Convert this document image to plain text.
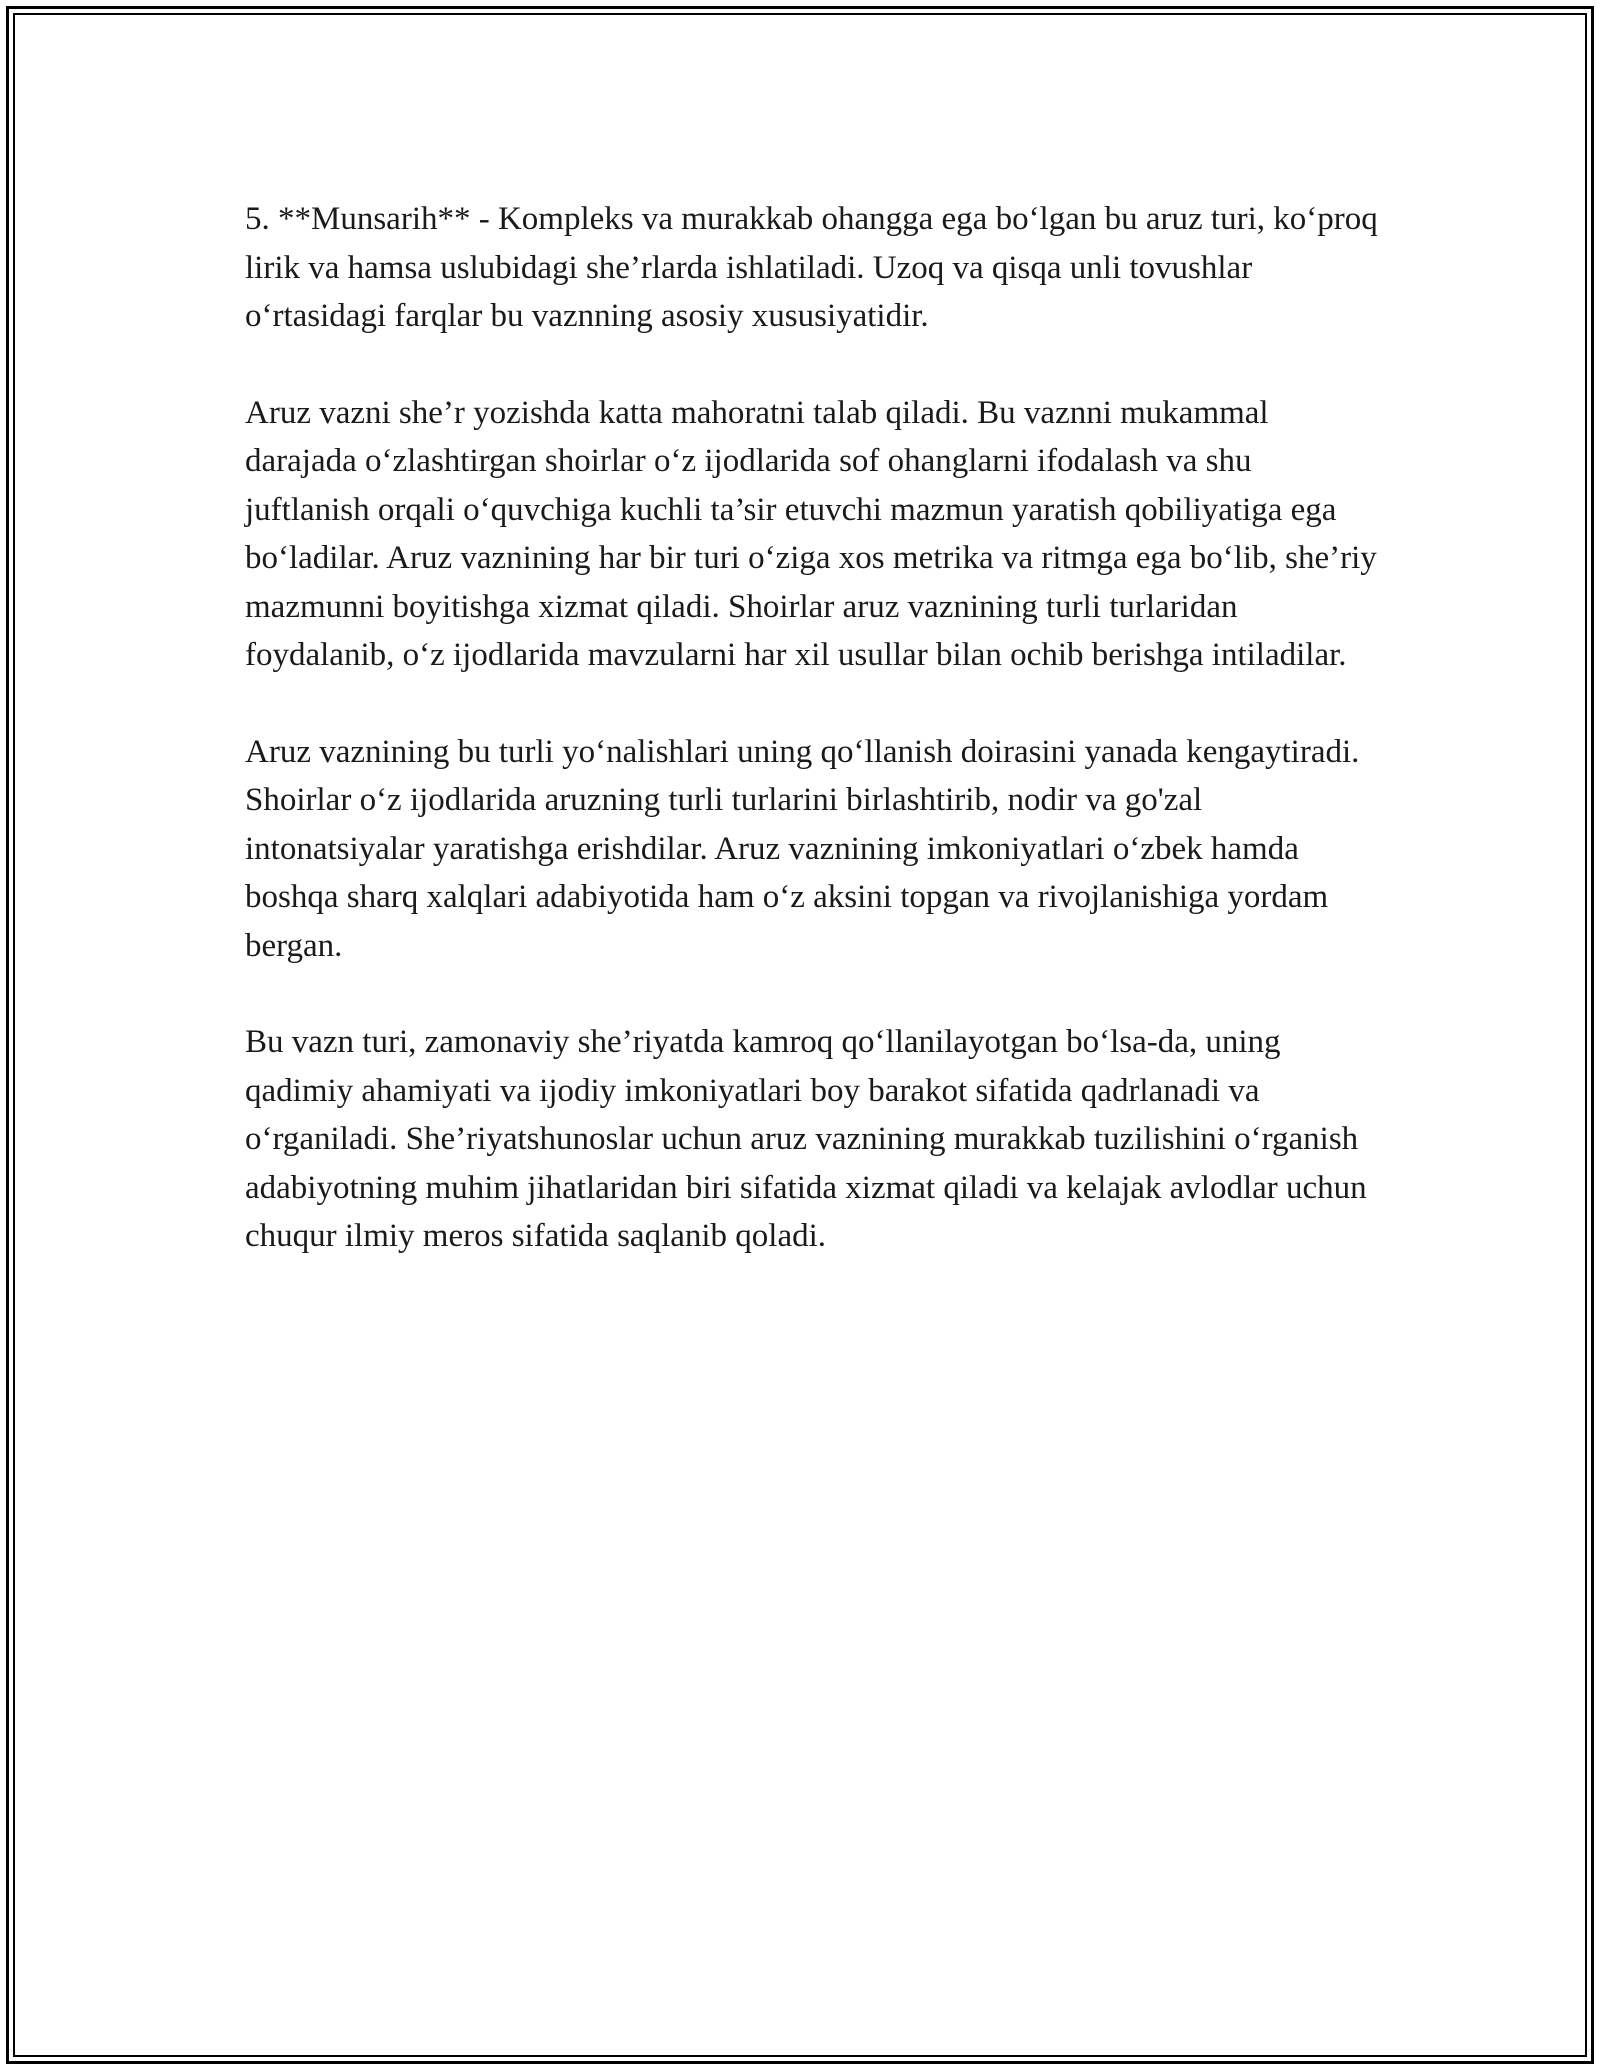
5. **Munsarih** - Kompleks va murakkab ohangga ega bo‘lgan bu aruz turi, ko‘proq lirik va hamsa uslubidagi she’rlarda ishlatiladi. Uzoq va qisqa unli tovushlar o‘rtasidagi farqlar bu vaznning asosiy xususiyatidir.

Aruz vazni she’r yozishda katta mahoratni talab qiladi. Bu vaznni mukammal darajada o‘zlashtirgan shoirlar o‘z ijodlarida sof ohanglarni ifodalash va shu juftlanish orqali o‘quvchiga kuchli ta’sir etuvchi mazmun yaratish qobiliyatiga ega bo‘ladilar. Aruz vaznining har bir turi o‘ziga xos metrika va ritmga ega bo‘lib, she’riy mazmunni boyitishga xizmat qiladi. Shoirlar aruz vaznining turli turlaridan foydalanib, o‘z ijodlarida mavzularni har xil usullar bilan ochib berishga intiladilar.

Aruz vaznining bu turli yo‘nalishlari uning qo‘llanish doirasini yanada kengaytiradi. Shoirlar o‘z ijodlarida aruzning turli turlarini birlashtirib, nodir va go'zal intonatsiyalar yaratishga erishdilar. Aruz vaznining imkoniyatlari o‘zbek hamda boshqa sharq xalqlari adabiyotida ham o‘z aksini topgan va rivojlanishiga yordam bergan.

Bu vazn turi, zamonaviy she’riyatda kamroq qo‘llanilayotgan bo‘lsa-da, uning qadimiy ahamiyati va ijodiy imkoniyatlari boy barakot sifatida qadrlanadi va o‘rganiladi. She’riyatshunoslar uchun aruz vaznining murakkab tuzilishini o‘rganish adabiyotning muhim jihatlaridan biri sifatida xizmat qiladi va kelajak avlodlar uchun chuqur ilmiy meros sifatida saqlanib qoladi.
